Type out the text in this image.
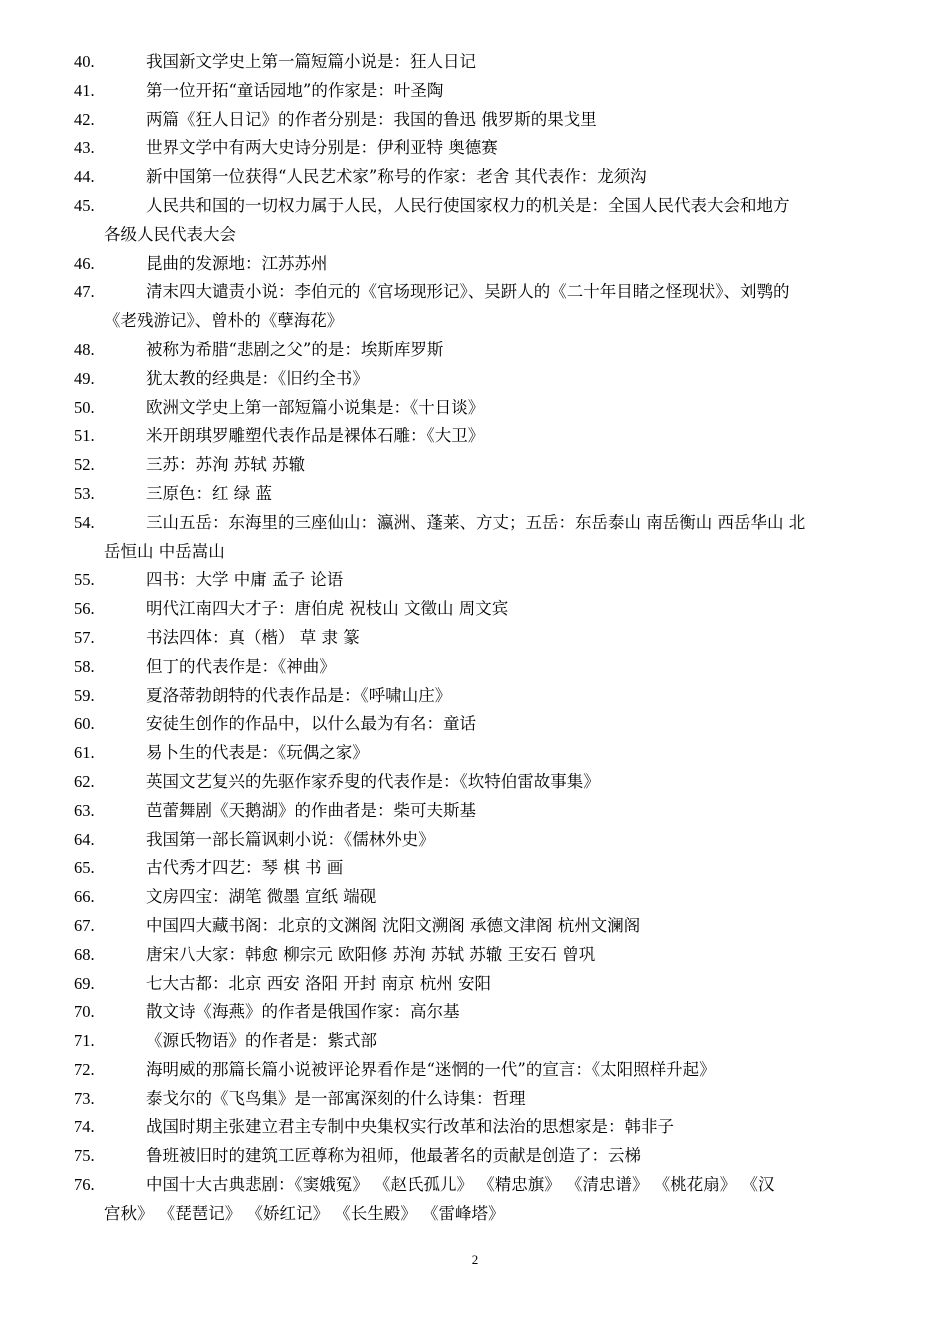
40.	我国新文学史上第一篇短篇小说是：狂人日记
41.	第一位开拓“童话园地”的作家是：叶圣陶
42.	两篇《狂人日记》的作者分别是：我国的鲁迅 俄罗斯的果戈里
43.	世界文学中有两大史诗分别是：伊利亚特 奥德赛
44.	新中国第一位获得“人民艺术家”称号的作家：老舍 其代表作：龙须沟
45.	人民共和国的一切权力属于人民，人民行使国家权力的机关是：全国人民代表大会和地方
各级人民代表大会
46.	昆曲的发源地：江苏苏州
47.	清末四大谴责小说：李伯元的《官场现形记》、吴趼人的《二十年目睹之怪现状》、刘鹗的
《老残游记》、曾朴的《孽海花》
48.	被称为希腊“悲剧之父”的是：埃斯库罗斯
49.	犹太教的经典是：《旧约全书》
50.	欧洲文学史上第一部短篇小说集是：《十日谈》
51.	米开朗琪罗雕塑代表作品是裸体石雕：《大卫》
52.	三苏：苏洵 苏轼 苏辙
53.	三原色：红 绿 蓝
54.	三山五岳：东海里的三座仙山：瀛洲、蓬莱、方丈；五岳：东岳泰山 南岳衡山 西岳华山 北
岳恒山 中岳嵩山
55.	四书：大学 中庸 孟子 论语
56.	明代江南四大才子：唐伯虎 祝枝山 文徵山 周文宾
57.	书法四体：真（楷） 草 隶 篆
58.	但丁的代表作是：《神曲》
59.	夏洛蒂勃朗特的代表作品是：《呼啸山庄》
60.	安徒生创作的作品中，以什么最为有名：童话
61.	易卜生的代表是：《玩偶之家》
62.	英国文艺复兴的先驱作家乔叟的代表作是：《坎特伯雷故事集》
63.	芭蕾舞剧《天鹅湖》的作曲者是：柴可夫斯基
64.	我国第一部长篇讽刺小说：《儒林外史》
65.	古代秀才四艺：琴 棋 书 画
66.	文房四宝：湖笔 微墨 宣纸 端砚
67.	中国四大藏书阁：北京的文渊阁 沈阳文溯阁 承德文津阁 杭州文澜阁
68.	唐宋八大家：韩愈 柳宗元 欧阳修 苏洵 苏轼 苏辙 王安石 曾巩
69.	七大古都：北京 西安 洛阳 开封 南京 杭州 安阳
70.	散文诗《海燕》的作者是俄国作家：高尔基
71.	《源氏物语》的作者是：紫式部
72.	海明威的那篇长篇小说被评论界看作是“迷惘的一代”的宣言：《太阳照样升起》
73.	泰戈尔的《飞鸟集》是一部寓深刻的什么诗集：哲理
74.	战国时期主张建立君主专制中央集权实行改革和法治的思想家是：韩非子
75.	鲁班被旧时的建筑工匠尊称为祖师，他最著名的贡献是创造了：云梯
76.	中国十大古典悲剧：《窦娥冤》 《赵氏孤儿》 《精忠旗》 《清忠谱》 《桃花扇》 《汉
宫秋》 《琵琶记》 《娇红记》 《长生殿》 《雷峰塔》
2
